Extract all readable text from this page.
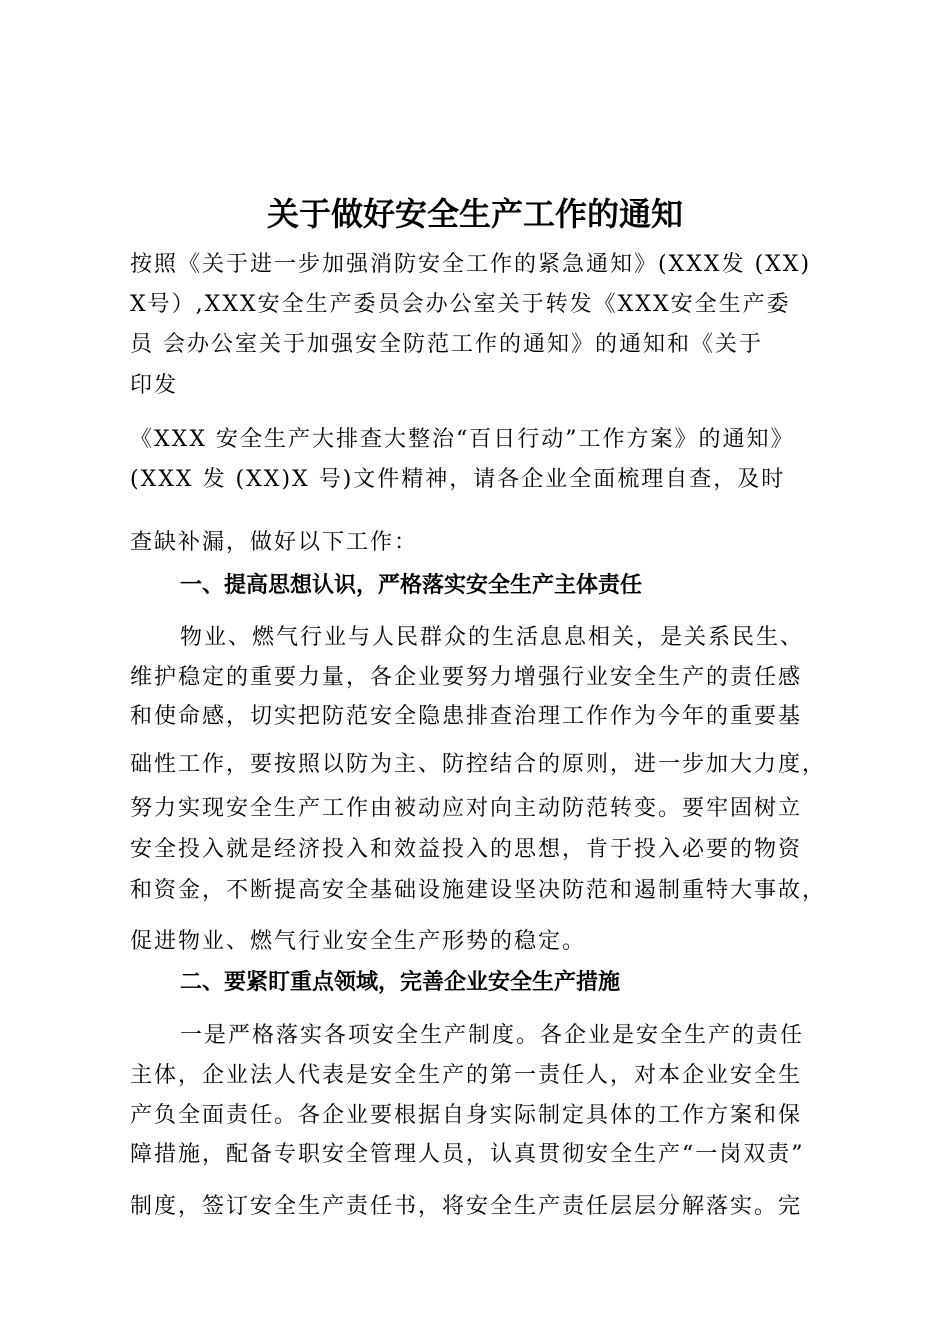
关于做好安全生产工作的通知
按照《关于进一步加强消防安全工作的紧急通知》(XXX发 (XX)
X号）,XXX安全生产委员会办公室关于转发《XXX安全生产委
员 会办公室关于加强安全防范工作的通知》的通知和《关于
印发
《XXX 安全生产大排查大整治“百日行动”工作方案》的通知》
(XXX 发 (XX)X 号)文件精神，请各企业全面梳理自查，及时
查缺补漏，做好以下工作：
一、提高思想认识，严格落实安全生产主体责任
物业、燃气行业与人民群众的生活息息相关，是关系民生、
维护稳定的重要力量，各企业要努力增强行业安全生产的责任感
和使命感，切实把防范安全隐患排查治理工作作为今年的重要基
础性工作，要按照以防为主、防控结合的原则，进一步加大力度，
努力实现安全生产工作由被动应对向主动防范转变。要牢固树立
安全投入就是经济投入和效益投入的思想，肯于投入必要的物资
和资金，不断提高安全基础设施建设坚决防范和遏制重特大事故，
促进物业、燃气行业安全生产形势的稳定。
二、要紧盯重点领域，完善企业安全生产措施
一是严格落实各项安全生产制度。各企业是安全生产的责任
主体，企业法人代表是安全生产的第一责任人，对本企业安全生
产负全面责任。各企业要根据自身实际制定具体的工作方案和保
障措施，配备专职安全管理人员，认真贯彻安全生产“一岗双责”
制度，签订安全生产责任书，将安全生产责任层层分解落实。完
